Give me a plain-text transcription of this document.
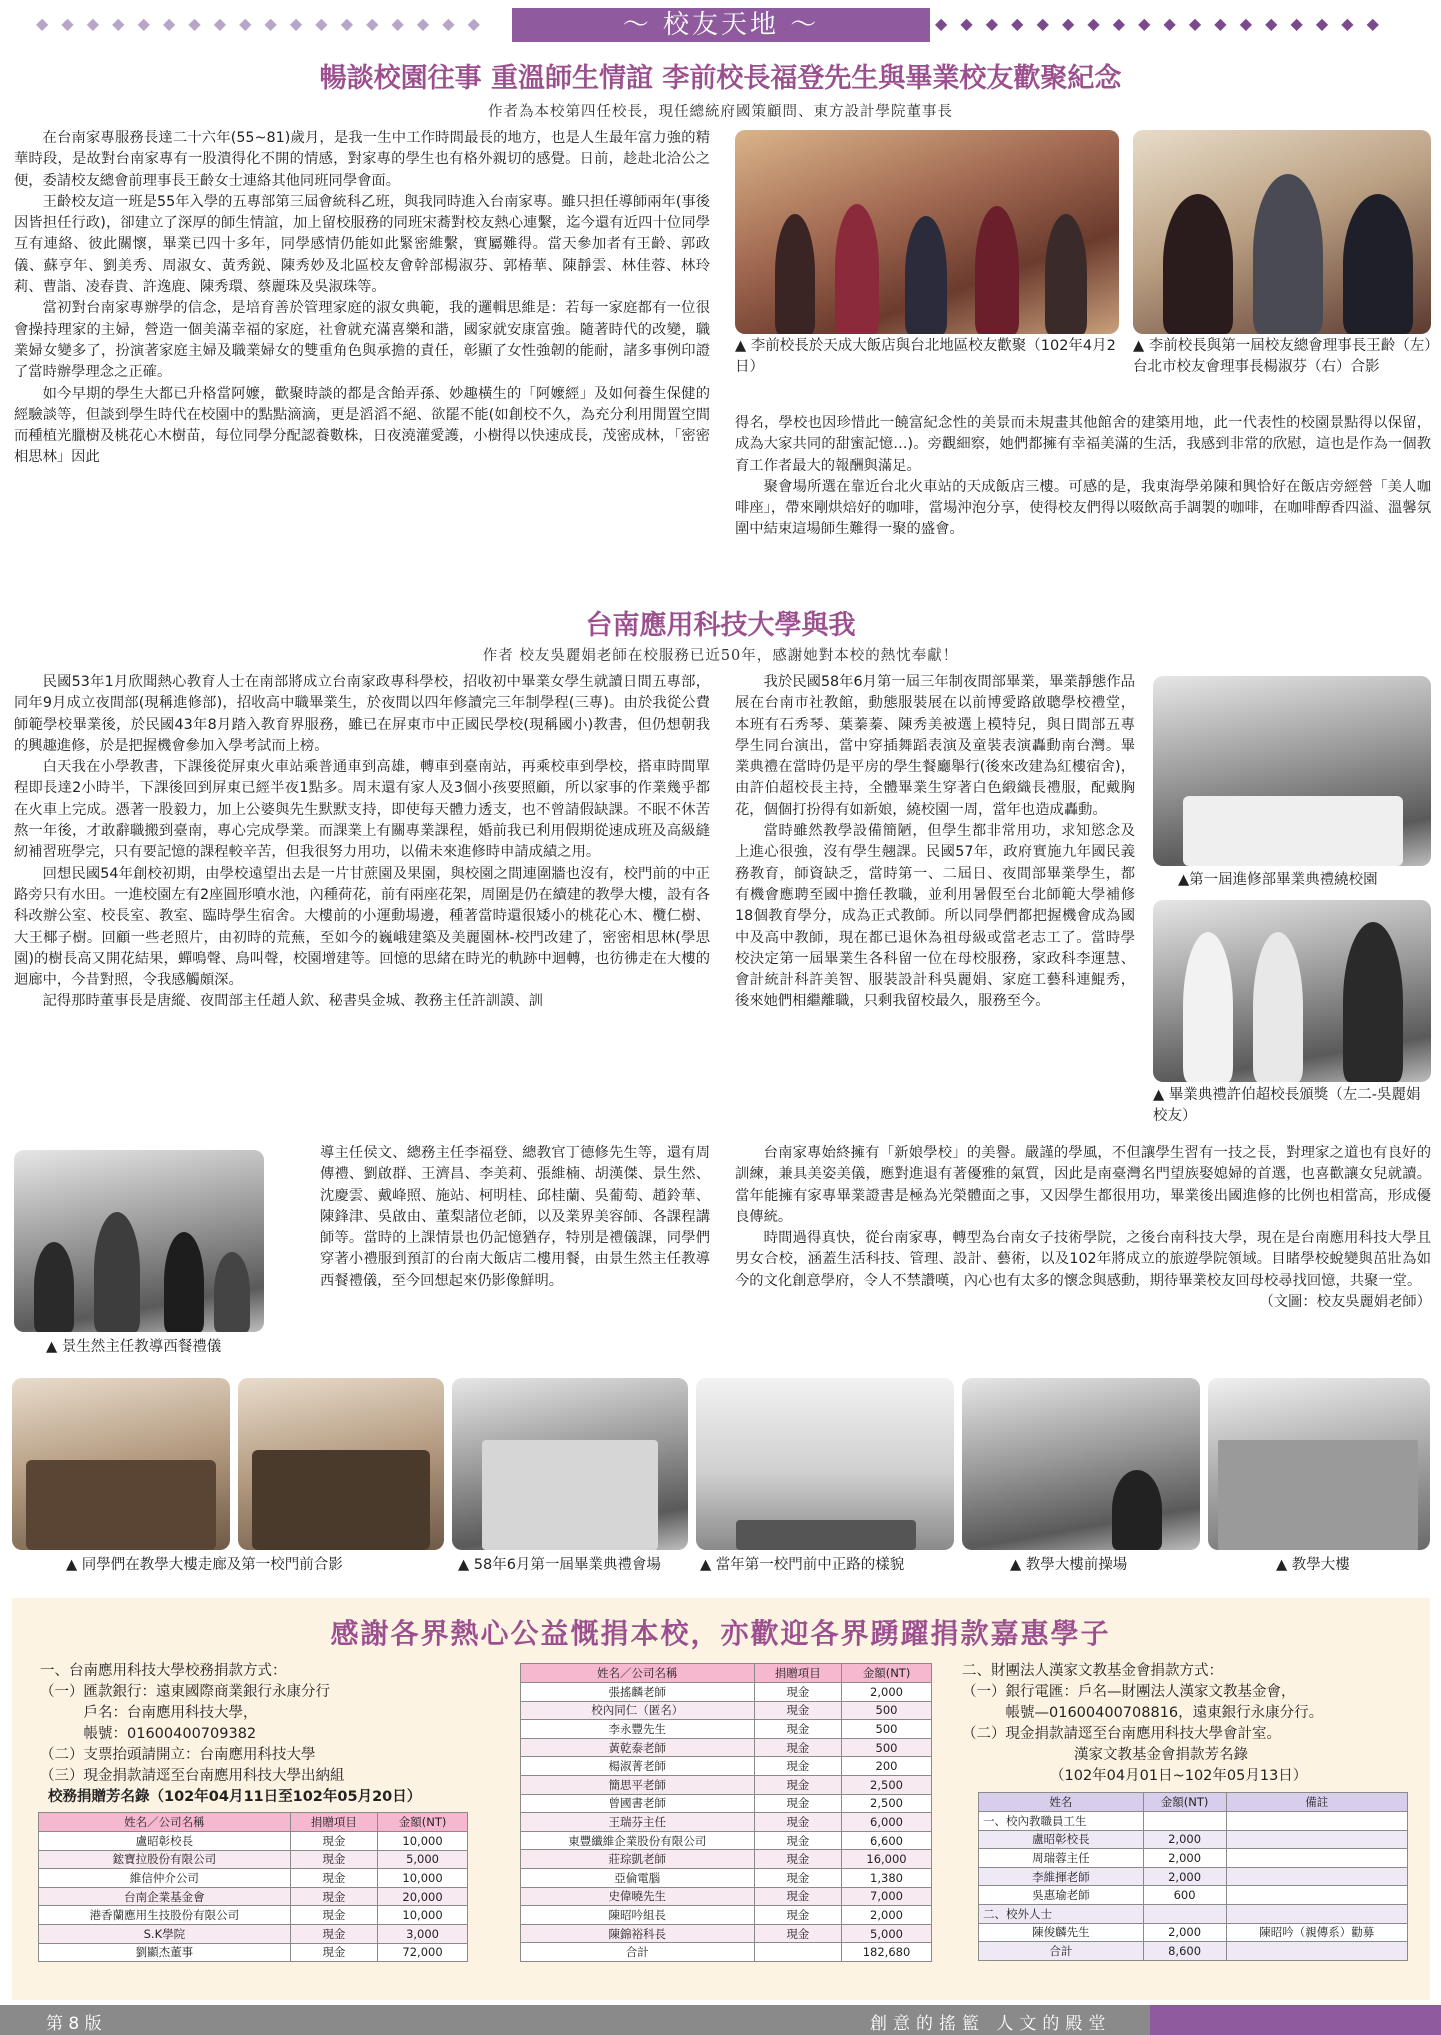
◆ ◆ ◆ ◆ ◆ ◆ ◆ ◆ ◆ ◆ ◆ ◆ ◆ ◆ ◆ ◆ ◆ ◆	～ 校友天地 ～	◆ ◆ ◆ ◆ ◆ ◆ ◆ ◆ ◆ ◆ ◆ ◆ ◆ ◆ ◆ ◆ ◆ ◆
暢談校園往事 重溫師生情誼 李前校長福登先生與畢業校友歡聚紀念
作者為本校第四任校長，現任總統府國策顧問、東方設計學院董事長

在台南家專服務長達二十六年(55~81)歲月，是我一生中工作時間最長的地方，也是人生最年富力強的精華時段，是故對台南家專有一股潰得化不開的情感，對家專的學生也有格外親切的感覺。日前，趁赴北洽公之便，委請校友總會前理事長王齡女士連絡其他同班同學會面。

王齡校友這一班是55年入學的五專部第三屆會統科乙班，與我同時進入台南家專。雖只担任導師兩年(事後因皆担任行政)，卻建立了深厚的師生情誼，加上留校服務的同班宋蕎對校友熱心連繫，迄今還有近四十位同學互有連絡、彼此關懷，畢業已四十多年，同學感情仍能如此緊密維繫，實屬難得。當天參加者有王齡、郭政儀、蘇亨年、劉美秀、周淑女、黃秀鋭、陳秀妙及北區校友會幹部楊淑芬、郭椿華、陳靜雲、林佳蓉、林玲莉、曹詣、凌春貴、許逸鹿、陳秀環、蔡麗珠及吳淑珠等。

當初對台南家專辦學的信念，是培育善於管理家庭的淑女典範，我的邏輯思維是：若每一家庭都有一位很會操持理家的主婦，營造一個美滿幸福的家庭，社會就充滿喜樂和諧，國家就安康富強。隨著時代的改變，職業婦女變多了，扮演著家庭主婦及職業婦女的雙重角色與承擔的責任，彰顯了女性強韌的能耐，諸多事例印證了當時辦學理念之正確。

如今早期的學生大都已升格當阿嬤，歡聚時談的都是含飴弄孫、妙趣橫生的「阿嬤經」及如何養生保健的經驗談等，但談到學生時代在校園中的點點滴滴，更是滔滔不絕、欲罷不能(如創校不久，為充分利用閒置空間而種植光臘樹及桃花心木樹苗，每位同學分配認養數株，日夜澆灌愛護，小樹得以快速成長，茂密成林，「密密相思林」因此

▲ 李前校長於天成大飯店與台北地區校友歡聚（102年4月2日）
▲ 李前校長與第一屆校友總會理事長王齡（左）台北市校友會理事長楊淑芬（右）合影

得名，學校也因珍惜此一饒富紀念性的美景而未規畫其他館舍的建築用地，此一代表性的校園景點得以保留，成為大家共同的甜蜜記憶…)。旁觀細察，她們都擁有幸福美滿的生活，我感到非常的欣慰，這也是作為一個教育工作者最大的報酬與滿足。

聚會場所選在靠近台北火車站的天成飯店三樓。可感的是，我東海學弟陳和興恰好在飯店旁經營「美人咖啡座」，帶來剛烘焙好的咖啡，當場沖泡分享，使得校友們得以啜飲高手調製的咖啡，在咖啡醇香四溢、溫馨氛圍中結束這場師生難得一聚的盛會。

台南應用科技大學與我
作者 校友吳麗娟老師在校服務已近50年，感謝她對本校的熱忱奉獻！

民國53年1月欣聞熱心教育人士在南部將成立台南家政專科學校，招收初中畢業女學生就讀日間五專部，同年9月成立夜間部(現稱進修部)，招收高中職畢業生，於夜間以四年修讀完三年制學程(三專)。由於我從公費師範學校畢業後，於民國43年8月踏入教育界服務，雖已在屏東市中正國民學校(現稱國小)教書，但仍想朝我的興趣進修，於是把握機會參加入學考試而上榜。

白天我在小學教書，下課後從屏東火車站乘普通車到高雄，轉車到臺南站，再乘校車到學校，搭車時間單程即長達2小時半，下課後回到屏東已經半夜1點多。周末還有家人及3個小孩要照顧，所以家事的作業幾乎都在火車上完成。憑著一股毅力，加上公婆與先生默默支持，即使每天體力透支，也不曾請假缺課。不眠不休苦熬一年後，才敢辭職搬到臺南，專心完成學業。而課業上有關專業課程，婚前我已利用假期從速成班及高級縫紉補習班學完，只有要記憶的課程較辛苦，但我很努力用功，以備未來進修時申請成績之用。

回想民國54年創校初期，由學校遠望出去是一片甘蔗園及果園，與校園之間連圍牆也沒有，校門前的中正路旁只有水田。一進校園左有2座圓形噴水池，內種荷花，前有兩座花架，周圍是仍在續建的教學大樓，設有各科改辦公室、校長室、教室、臨時學生宿舍。大樓前的小運動場邊，種著當時還很矮小的桃花心木、欖仁樹、大王椰子樹。回顧一些老照片，由初時的荒蕪，至如今的巍峨建築及美麗園林-校門改建了，密密相思林(學思園)的樹長高又開花結果，蟬鳴聲、鳥叫聲，校園增建等。回憶的思緒在時光的軌跡中迴轉，也彷彿走在大樓的迴廊中，今昔對照，令我感觸頗深。

記得那時董事長是唐縱、夜間部主任趙人欽、秘書吳金城、教務主任許訓謨、訓

▲ 景生然主任教導西餐禮儀

導主任侯文、總務主任李福登、總教官丁德修先生等，還有周傳禮、劉啟群、王濟昌、李美莉、張維楠、胡漢傑、景生然、沈慶雲、戴峰照、施站、柯明桂、邱桂蘭、吳葡萄、趙鈴華、陳鋒津、吳啟由、董梨諸位老師，以及業界美容師、各課程講師等。當時的上課情景也仍記憶猶存，特別是禮儀課，同學們穿著小禮服到預訂的台南大飯店二樓用餐，由景生然主任教導西餐禮儀，至今回想起來仍影像鮮明。

我於民國58年6月第一屆三年制夜間部畢業，畢業靜態作品展在台南市社教館，動態服裝展在以前博愛路啟聰學校禮堂，本班有石秀琴、葉蓁蓁、陳秀美被選上模特兒，與日間部五專學生同台演出，當中穿插舞蹈表演及童裝表演轟動南台灣。畢業典禮在當時仍是平房的學生餐廳舉行(後來改建為紅樓宿舍)，由許伯超校長主持，全體畢業生穿著白色緞織長禮服，配戴胸花，個個打扮得有如新娘，繞校園一周，當年也造成轟動。

當時雖然教學設備簡陋，但學生都非常用功，求知慾念及上進心很強，沒有學生翹課。民國57年，政府實施九年國民義務教育，師資缺乏，當時第一、二屆日、夜間部畢業學生，都有機會應聘至國中擔任教職，並利用暑假至台北師範大學補修18個教育學分，成為正式教師。所以同學們都把握機會成為國中及高中教師，現在都已退休為祖母級或當老志工了。當時學校決定第一屆畢業生各科留一位在母校服務，家政科李運慧、會計統計科許美智、服裝設計科吳麗娟、家庭工藝科連鯤秀，後來她們相繼離職，只剩我留校最久，服務至今。

▲第一屆進修部畢業典禮繞校園
▲ 畢業典禮許伯超校長頒獎（左二-吳麗娟校友）

台南家專始終擁有「新娘學校」的美譽。嚴謹的學風，不但讓學生習有一技之長，對理家之道也有良好的訓練，兼具美姿美儀，應對進退有著優雅的氣質，因此是南臺灣名門望族娶媳婦的首選，也喜歡讓女兒就讀。當年能擁有家專畢業證書是極為光榮體面之事，又因學生都很用功，畢業後出國進修的比例也相當高，形成優良傳統。

時間過得真快，從台南家專，轉型為台南女子技術學院，之後台南科技大學，現在是台南應用科技大學且男女合校，涵蓋生活科技、管理、設計、藝術，以及102年將成立的旅遊學院領域。目睹學校蛻變與茁壯為如今的文化創意學府，令人不禁讚嘆，內心也有太多的懷念與感動，期待畢業校友回母校尋找回憶，共聚一堂。

（文圖：校友吳麗娟老師）
▲ 同學們在教學大樓走廊及第一校門前合影	▲ 58年6月第一屆畢業典禮會場	▲ 當年第一校門前中正路的樣貌	▲ 教學大樓前操場	▲ 教學大樓
感謝各界熱心公益慨捐本校，亦歡迎各界踴躍捐款嘉惠學子
一、台南應用科技大學校務捐款方式：
（一）匯款銀行：遠東國際商業銀行永康分行
　　　戶名：台南應用科技大學，
　　　帳號：01600400709382
（二）支票抬頭請開立：台南應用科技大學
（三）現金捐款請逕至台南應用科技大學出納組
校務捐贈芳名錄（102年04月11日至102年05月20日）
姓名／公司名稱	捐贈項目	金額(NT)
盧昭彰校長	現金	10,000
鋐寶拉股份有限公司	現金	5,000
維信仲介公司	現金	10,000
台南企業基金會	現金	20,000
港香蘭應用生技股份有限公司	現金	10,000
S.K學院	現金	3,000
劉顯杰董事	現金	72,000
姓名／公司名稱	捐贈項目	金額(NT)
張搖麟老師	現金	2,000
校內同仁（匿名）	現金	500
李永豐先生	現金	500
黃乾泰老師	現金	500
楊淑菁老師	現金	200
簡思平老師	現金	2,500
曾國書老師	現金	2,500
王瑞芬主任	現金	6,000
東豐纖維企業股份有限公司	現金	6,600
莊琮凱老師	現金	16,000
亞倫電腦	現金	1,380
史偉曉先生	現金	7,000
陳昭吟組長	現金	2,000
陳錦裕科長	現金	5,000
合計		182,680
二、財團法人漢家文教基金會捐款方式：
（一）銀行電匯：戶名—財團法人漢家文教基金會，
　　　帳號—01600400708816，遠東銀行永康分行。
（二）現金捐款請逕至台南應用科技大學會計室。
漢家文教基金會捐款芳名錄
（102年04月01日~102年05月13日）
姓名	金額(NT)	備註
一、校內教職員工生		
盧昭彰校長	2,000	
周瑞蓉主任	2,000	
李維揮老師	2,000	
吳惠瑜老師	600	
二、校外人士		
陳俊麟先生	2,000	陳昭吟（親傳系）勸募
合計	8,600	
第 8 版	創意的搖籃 人文的殿堂
